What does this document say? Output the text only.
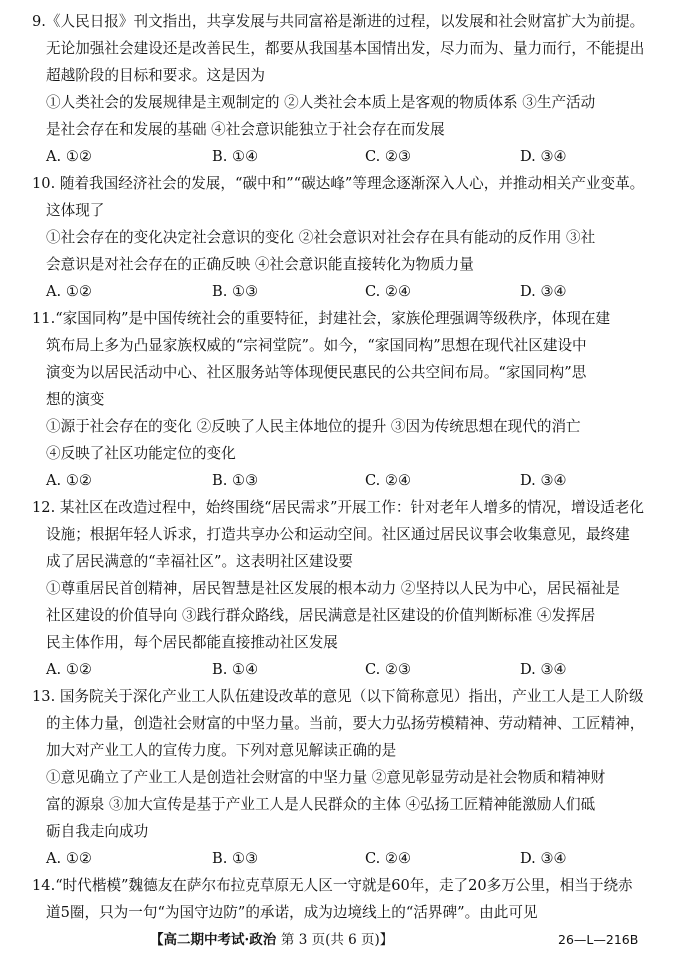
9.《人民日报》刊文指出，共享发展与共同富裕是渐进的过程，以发展和社会财富扩大为前提。
无论加强社会建设还是改善民生，都要从我国基本国情出发，尽力而为、量力而行，不能提出
超越阶段的目标和要求。这是因为
①人类社会的发展规律是主观制定的 ②人类社会本质上是客观的物质体系 ③生产活动
是社会存在和发展的基础 ④社会意识能独立于社会存在而发展
A. ①②	B. ①④	C. ②③	D. ③④
10. 随着我国经济社会的发展，“碳中和”“碳达峰”等理念逐渐深入人心，并推动相关产业变革。
这体现了
①社会存在的变化决定社会意识的变化 ②社会意识对社会存在具有能动的反作用 ③社
会意识是对社会存在的正确反映 ④社会意识能直接转化为物质力量
A. ①②	B. ①③	C. ②④	D. ③④
11.“家国同构”是中国传统社会的重要特征，封建社会，家族伦理强调等级秩序，体现在建
筑布局上多为凸显家族权威的“宗祠堂院”。如今，“家国同构”思想在现代社区建设中
演变为以居民活动中心、社区服务站等体现便民惠民的公共空间布局。“家国同构”思
想的演变
①源于社会存在的变化 ②反映了人民主体地位的提升 ③因为传统思想在现代的消亡
④反映了社区功能定位的变化
A. ①②	B. ①③	C. ②④	D. ③④
12. 某社区在改造过程中，始终围绕“居民需求”开展工作：针对老年人增多的情况，增设适老化
设施；根据年轻人诉求，打造共享办公和运动空间。社区通过居民议事会收集意见，最终建
成了居民满意的“幸福社区”。这表明社区建设要
①尊重居民首创精神，居民智慧是社区发展的根本动力 ②坚持以人民为中心，居民福祉是
社区建设的价值导向 ③践行群众路线，居民满意是社区建设的价值判断标准 ④发挥居
民主体作用，每个居民都能直接推动社区发展
A. ①②	B. ①④	C. ②③	D. ③④
13. 国务院关于深化产业工人队伍建设改革的意见（以下简称意见）指出，产业工人是工人阶级
的主体力量，创造社会财富的中坚力量。当前，要大力弘扬劳模精神、劳动精神、工匠精神，
加大对产业工人的宣传力度。下列对意见解读正确的是
①意见确立了产业工人是创造社会财富的中坚力量 ②意见彰显劳动是社会物质和精神财
富的源泉 ③加大宣传是基于产业工人是人民群众的主体 ④弘扬工匠精神能激励人们砥
砺自我走向成功
A. ①②	B. ①③	C. ②④	D. ③④
14.“时代楷模”魏德友在萨尔布拉克草原无人区一守就是60年，走了20多万公里，相当于绕赤
道5圈，只为一句“为国守边防”的承诺，成为边境线上的“活界碑”。由此可见
【高二期中考试·政治 第 3 页(共 6 页)】	26—L—216B
